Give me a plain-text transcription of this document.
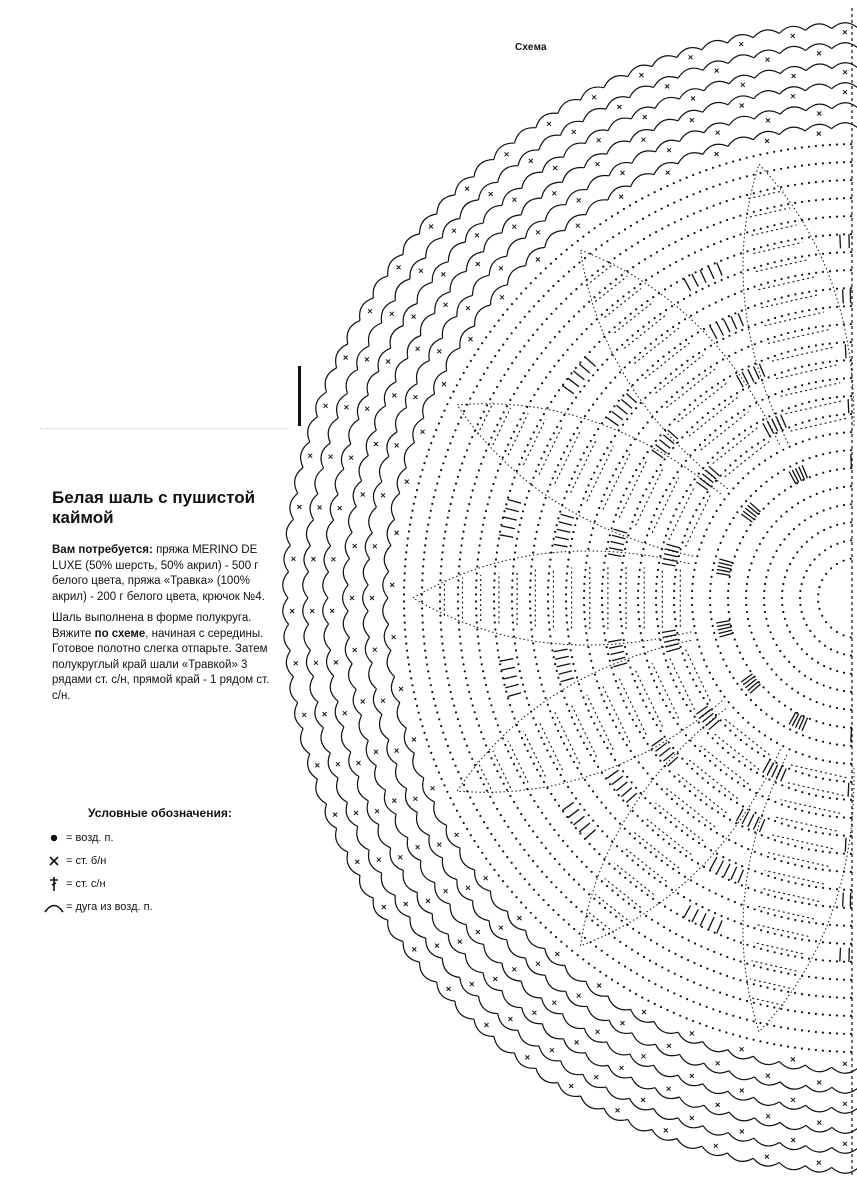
Схема
Белая шаль с пушистой каймой

Вам потребуется: пряжа MERINO DE LUXE (50% шерсть, 50% акрил) - 500 г белого цвета, пряжа «Травка» (100% акрил) - 200 г белого цвета, крючок №4.

Шаль выполнена в форме полукруга. Вяжите по схеме, начиная с середины. Готовое полотно слегка отпарьте. Затем полукруглый край шали «Травкой» 3 рядами ст. с/н, прямой край - 1 рядом ст. с/н.

Условные обозначения:
= возд. п.
= ст. б/н
= ст. с/н
= дуга из возд. п.
